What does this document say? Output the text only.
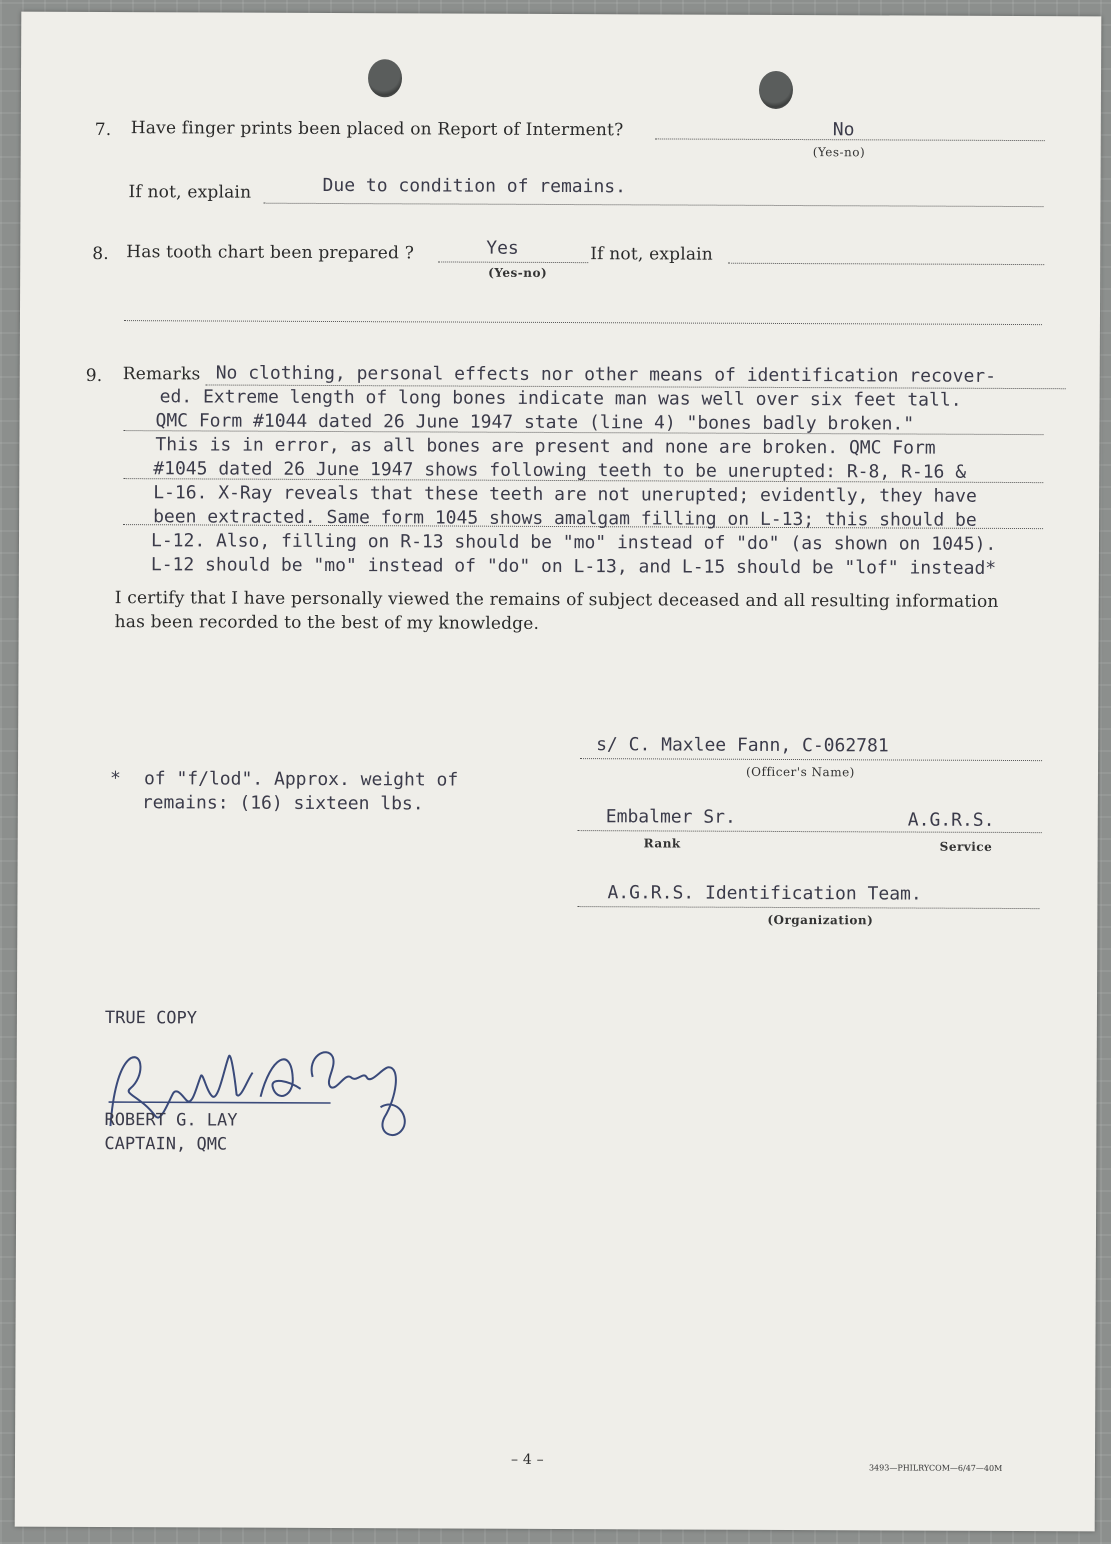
7. Have finger prints been placed on Report of Interment?	No
(Yes-no)
If not, explain	Due to condition of remains.
8. Has tooth chart been prepared ?	Yes
(Yes-no)
If not, explain
9. Remarks No clothing, personal effects nor other means of identification recover-
ed. Extreme length of long bones indicate man was well over six feet tall.
QMC Form #1044 dated 26 June 1947 state (line 4) "bones badly broken."
This is in error, as all bones are present and none are broken. QMC Form
#1045 dated 26 June 1947 shows following teeth to be unerupted: R-8, R-16 &
L-16. X-Ray reveals that these teeth are not unerupted; evidently, they have
been extracted. Same form 1045 shows amalgam filling on L-13; this should be
L-12. Also, filling on R-13 should be "mo" instead of "do" (as shown on 1045).
L-12 should be "mo" instead of "do" on L-13, and L-15 should be "lof" instead*
I certify that I have personally viewed the remains of subject deceased and all resulting information
has been recorded to the best of my knowledge.
s/ C. Maxlee Fann, C-062781
(Officer's Name)
Embalmer Sr.	A.G.R.S.
Rank	Service
A.G.R.S. Identification Team.
(Organization)
* of "f/lod". Approx. weight of
remains: (16) sixteen lbs.
TRUE COPY
ROBERT G. LAY
CAPTAIN, QMC
– 4 –
3493—PHILRYCOM—6/47—40M
